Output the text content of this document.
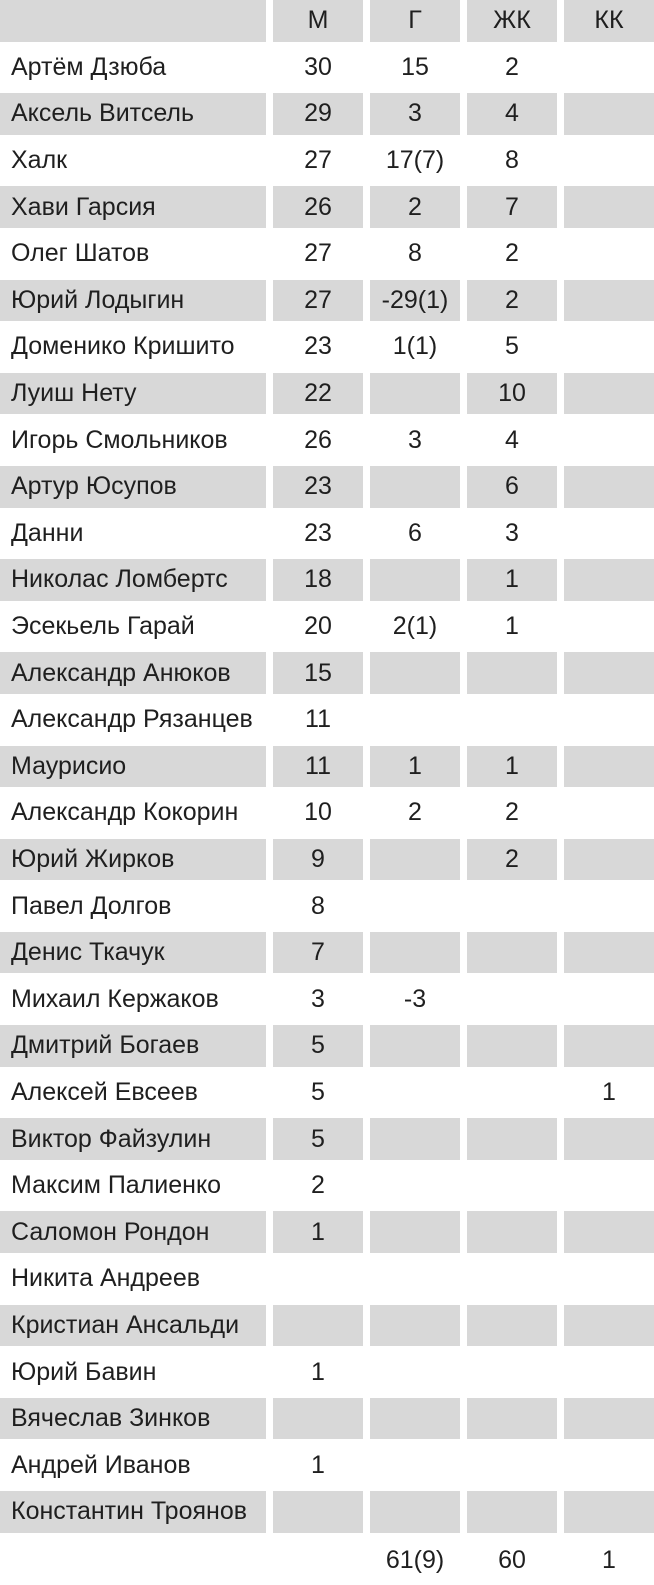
	М	Г	ЖК	КК
Артём Дзюба	30	15	2	
Аксель Витсель	29	3	4	
Халк	27	17(7)	8	
Хави Гарсия	26	2	7	
Олег Шатов	27	8	2	
Юрий Лодыгин	27	-29(1)	2	
Доменико Кришито	23	1(1)	5	
Луиш Нету	22		10	
Игорь Смольников	26	3	4	
Артур Юсупов	23		6	
Данни	23	6	3	
Николас Ломбертс	18		1	
Эсекьель Гарай	20	2(1)	1	
Александр Анюков	15			
Александр Рязанцев	11			
Маурисио	11	1	1	
Александр Кокорин	10	2	2	
Юрий Жирков	9		2	
Павел Долгов	8			
Денис Ткачук	7			
Михаил Кержаков	3	-3		
Дмитрий Богаев	5			
Алексей Евсеев	5			1
Виктор Файзулин	5			
Максим Палиенко	2			
Саломон Рондон	1			
Никита Андреев				
Кристиан Ансальди				
Юрий Бавин	1			
Вячеслав Зинков				
Андрей Иванов	1			
Константин Троянов				
		61(9)	60	1
